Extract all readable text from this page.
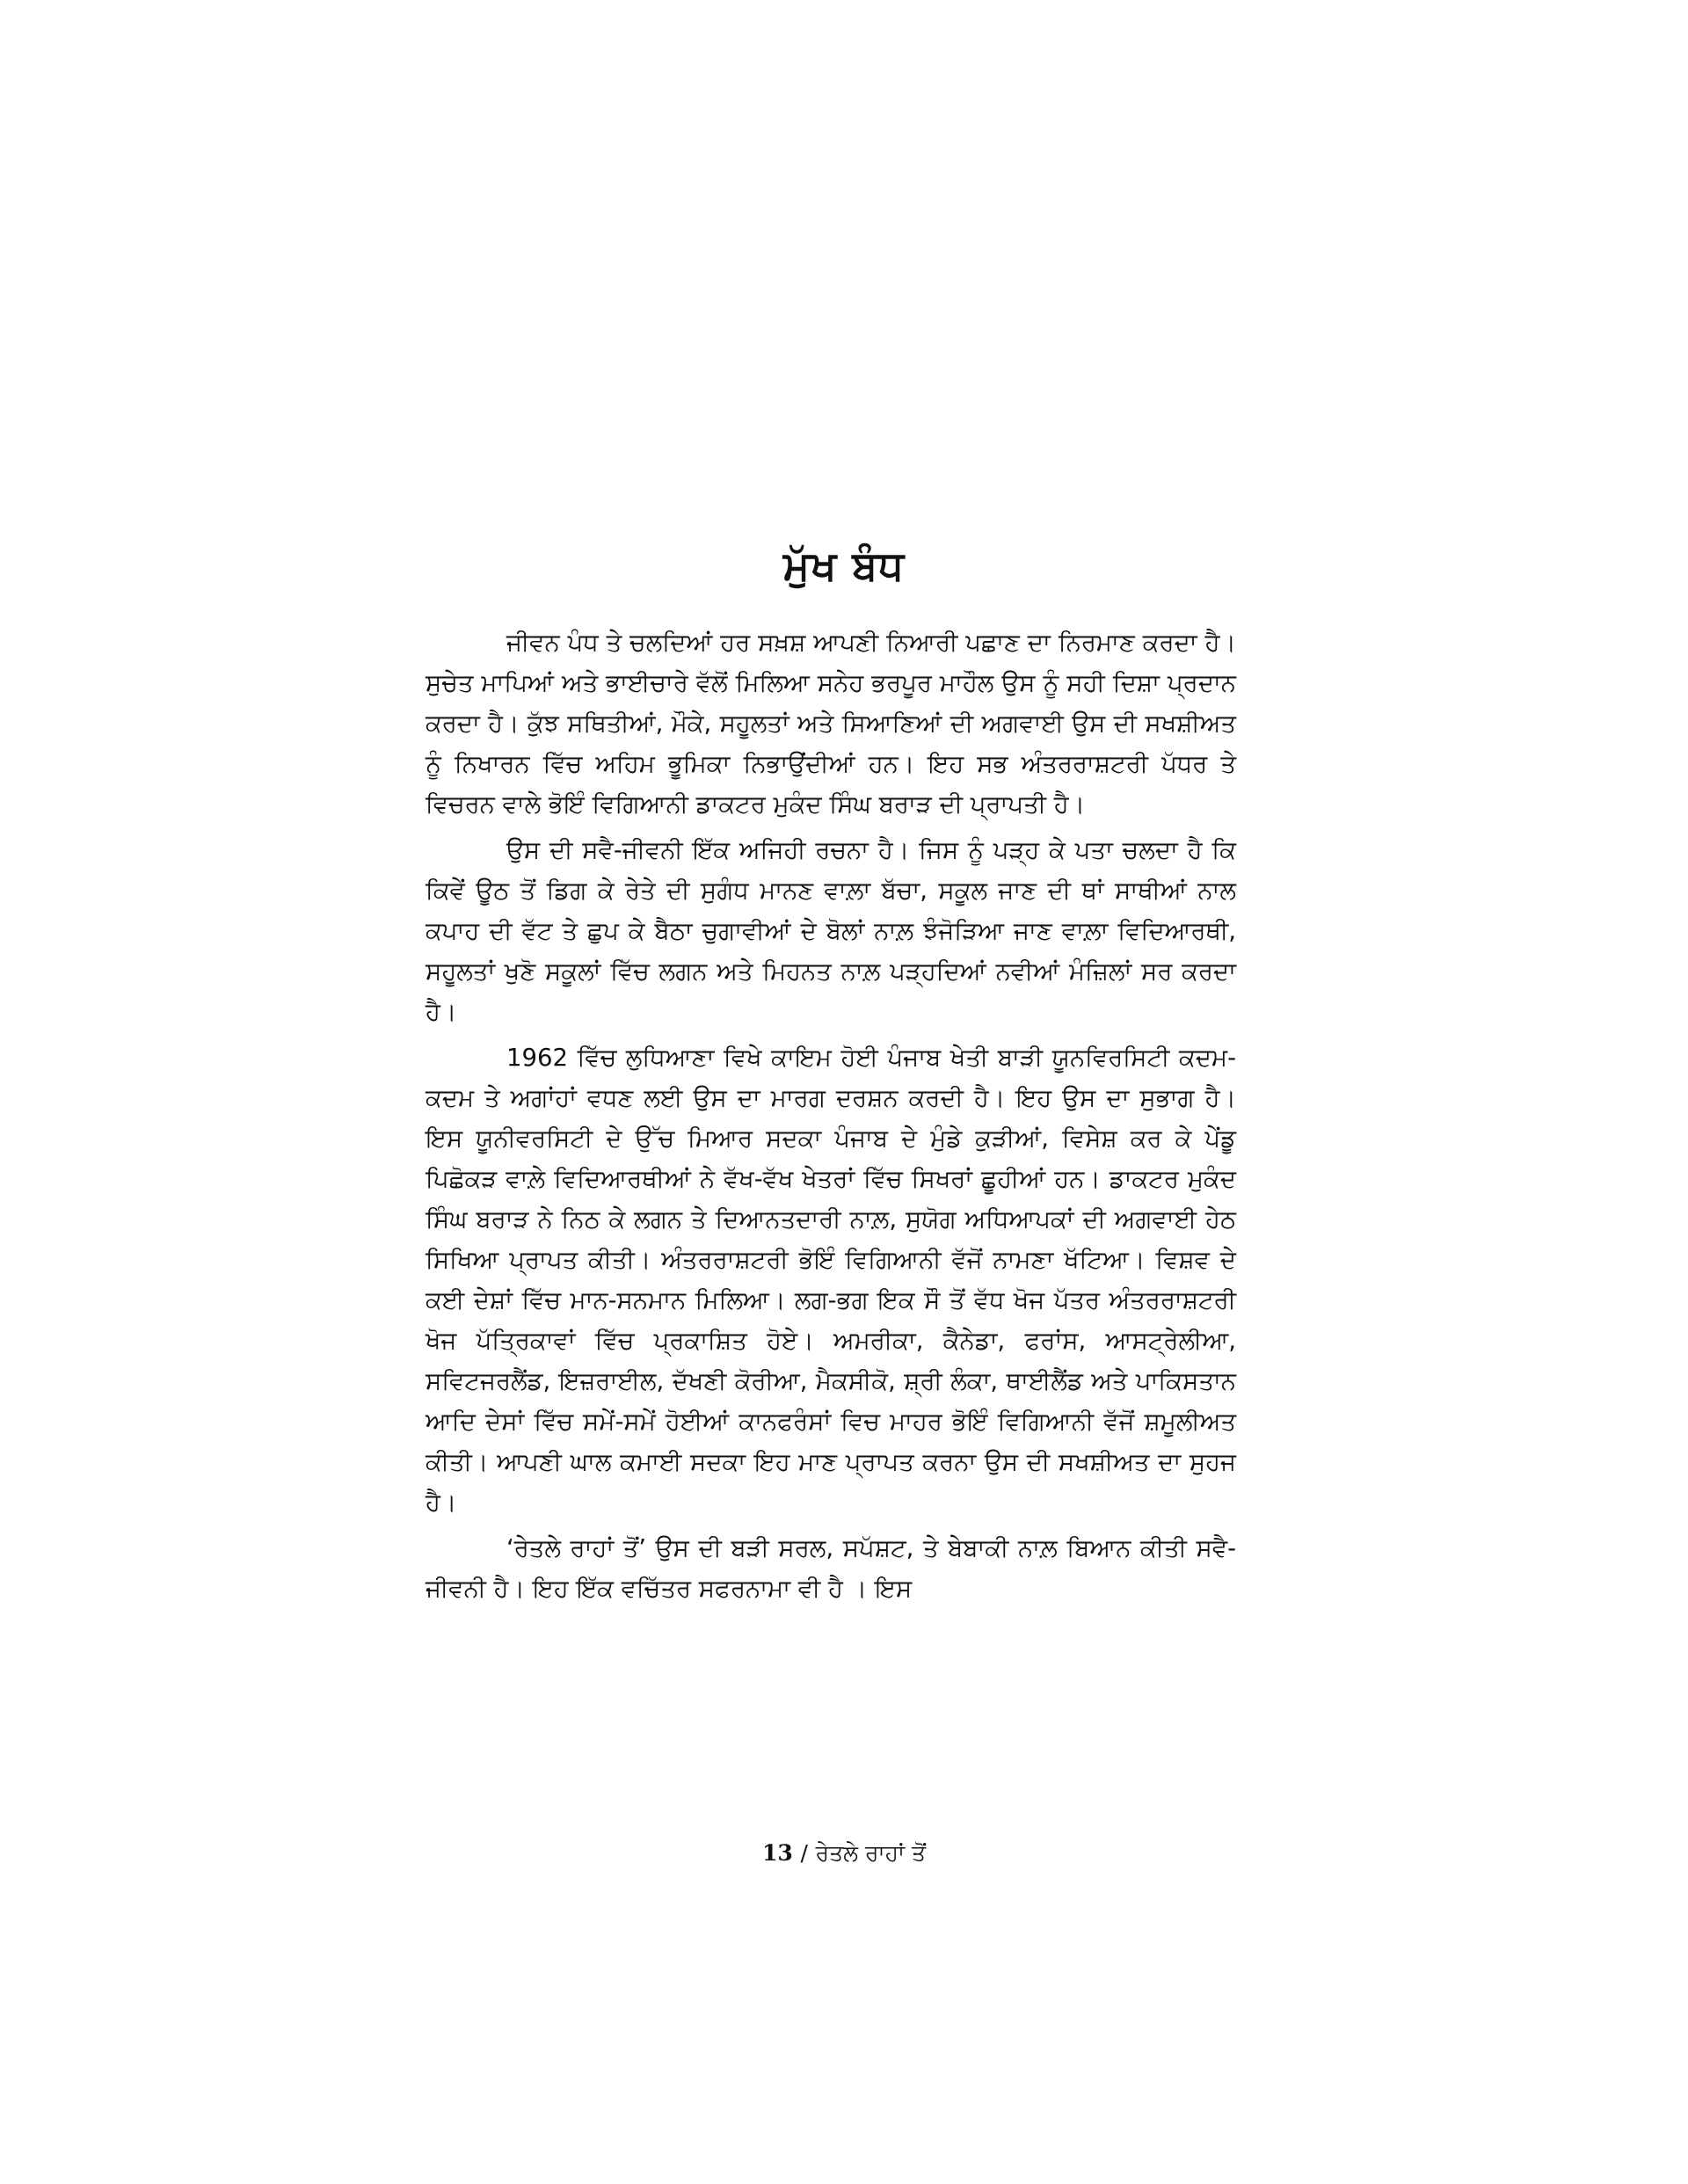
ਮੁੱਖ ਬੰਧ

ਜੀਵਨ ਪੰਧ ਤੇ ਚਲਦਿਆਂ ਹਰ ਸਖ਼ਸ਼ ਆਪਣੀ ਨਿਆਰੀ ਪਛਾਣ ਦਾ ਨਿਰਮਾਣ ਕਰਦਾ ਹੈ। ਸੁਚੇਤ ਮਾਪਿਆਂ ਅਤੇ ਭਾਈਚਾਰੇ ਵੱਲੋਂ ਮਿਲਿਆ ਸਨੇਹ ਭਰਪੂਰ ਮਾਹੌਲ ਉਸ ਨੂੰ ਸਹੀ ਦਿਸ਼ਾ ਪ੍ਰਦਾਨ ਕਰਦਾ ਹੈ। ਕੁੱਝ ਸਥਿਤੀਆਂ, ਮੌਕੇ, ਸਹੂਲਤਾਂ ਅਤੇ ਸਿਆਣਿਆਂ ਦੀ ਅਗਵਾਈ ਉਸ ਦੀ ਸਖਸ਼ੀਅਤ ਨੂੰ ਨਿਖਾਰਨ ਵਿੱਚ ਅਹਿਮ ਭੂਮਿਕਾ ਨਿਭਾਉਂਦੀਆਂ ਹਨ। ਇਹ ਸਭ ਅੰਤਰਰਾਸ਼ਟਰੀ ਪੱਧਰ ਤੇ ਵਿਚਰਨ ਵਾਲੇ ਭੋਇੰ ਵਿਗਿਆਨੀ ਡਾਕਟਰ ਮੁਕੰਦ ਸਿੰਘ ਬਰਾੜ ਦੀ ਪ੍ਰਾਪਤੀ ਹੈ।

ਉਸ ਦੀ ਸਵੈ-ਜੀਵਨੀ ਇੱਕ ਅਜਿਹੀ ਰਚਨਾ ਹੈ। ਜਿਸ ਨੂੰ ਪੜ੍ਹ ਕੇ ਪਤਾ ਚਲਦਾ ਹੈ ਕਿ ਕਿਵੇਂ ਊਠ ਤੋਂ ਡਿਗ ਕੇ ਰੇਤੇ ਦੀ ਸੁਗੰਧ ਮਾਨਣ ਵਾਲ਼ਾ ਬੱਚਾ, ਸਕੂਲ ਜਾਣ ਦੀ ਥਾਂ ਸਾਥੀਆਂ ਨਾਲ ਕਪਾਹ ਦੀ ਵੱਟ ਤੇ ਛੁਪ ਕੇ ਬੈਠਾ ਚੁਗਾਵੀਆਂ ਦੇ ਬੋਲਾਂ ਨਾਲ਼ ਝੰਜੋੜਿਆ ਜਾਣ ਵਾਲ਼ਾ ਵਿਦਿਆਰਥੀ, ਸਹੂਲਤਾਂ ਖੁਣੋ ਸਕੂਲਾਂ ਵਿੱਚ ਲਗਨ ਅਤੇ ਮਿਹਨਤ ਨਾਲ਼ ਪੜ੍ਹਦਿਆਂ ਨਵੀਆਂ ਮੰਜ਼ਿਲਾਂ ਸਰ ਕਰਦਾ ਹੈ।

1962 ਵਿੱਚ ਲੁਧਿਆਣਾ ਵਿਖੇ ਕਾਇਮ ਹੋਈ ਪੰਜਾਬ ਖੇਤੀ ਬਾੜੀ ਯੂਨਵਿਰਸਿਟੀ ਕਦਮ-ਕਦਮ ਤੇ ਅਗਾਂਹਾਂ ਵਧਣ ਲਈ ਉਸ ਦਾ ਮਾਰਗ ਦਰਸ਼ਨ ਕਰਦੀ ਹੈ। ਇਹ ਉਸ ਦਾ ਸੁਭਾਗ ਹੈ। ਇਸ ਯੂਨੀਵਰਸਿਟੀ ਦੇ ਉੱਚ ਮਿਆਰ ਸਦਕਾ ਪੰਜਾਬ ਦੇ ਮੁੰਡੇ ਕੁੜੀਆਂ, ਵਿਸੇਸ਼ ਕਰ ਕੇ ਪੇਂਡੂ ਪਿਛੋਕੜ ਵਾਲ਼ੇ ਵਿਦਿਆਰਥੀਆਂ ਨੇ ਵੱਖ-ਵੱਖ ਖੇਤਰਾਂ ਵਿੱਚ ਸਿਖਰਾਂ ਛੂਹੀਆਂ ਹਨ। ਡਾਕਟਰ ਮੁਕੰਦ ਸਿੰਘ ਬਰਾੜ ਨੇ ਨਿਠ ਕੇ ਲਗਨ ਤੇ ਦਿਆਨਤਦਾਰੀ ਨਾਲ਼, ਸੁਯੋਗ ਅਧਿਆਪਕਾਂ ਦੀ ਅਗਵਾਈ ਹੇਠ ਸਿਖਿਆ ਪ੍ਰਾਪਤ ਕੀਤੀ। ਅੰਤਰਰਾਸ਼ਟਰੀ ਭੋਇੰ ਵਿਗਿਆਨੀ ਵੱਜੋਂ ਨਾਮਣਾ ਖੱਟਿਆ। ਵਿਸ਼ਵ ਦੇ ਕਈ ਦੇਸ਼ਾਂ ਵਿੱਚ ਮਾਨ-ਸਨਮਾਨ ਮਿਲਿਆ। ਲਗ-ਭਗ ਇਕ ਸੌ ਤੋਂ ਵੱਧ ਖੋਜ ਪੱਤਰ ਅੰਤਰਰਾਸ਼ਟਰੀ ਖੋਜ ਪੱਤ੍ਰਿਕਾਵਾਂ ਵਿੱਚ ਪ੍ਰਕਾਸ਼ਿਤ ਹੋਏ। ਅਮਰੀਕਾ, ਕੈਨੇਡਾ, ਫਰਾਂਸ, ਆਸਟ੍ਰੇਲੀਆ, ਸਵਿਟਜਰਲੈਂਡ, ਇਜ਼ਰਾਈਲ, ਦੱਖਣੀ ਕੋਰੀਆ, ਮੈਕਸੀਕੋ, ਸ਼੍ਰੀ ਲੰਕਾ, ਥਾਈਲੈਂਡ ਅਤੇ ਪਾਕਿਸਤਾਨ ਆਦਿ ਦੇਸਾਂ ਵਿੱਚ ਸਮੇਂ-ਸਮੇਂ ਹੋਈਆਂ ਕਾਨਫਰੰਸਾਂ ਵਿਚ ਮਾਹਰ ਭੋਇੰ ਵਿਗਿਆਨੀ ਵੱਜੋਂ ਸ਼ਮੂਲੀਅਤ ਕੀਤੀ। ਆਪਣੀ ਘਾਲ ਕਮਾਈ ਸਦਕਾ ਇਹ ਮਾਣ ਪ੍ਰਾਪਤ ਕਰਨਾ ਉਸ ਦੀ ਸਖਸ਼ੀਅਤ ਦਾ ਸੁਹਜ ਹੈ।

‘ਰੇਤਲੇ ਰਾਹਾਂ ਤੋਂ’ ਉਸ ਦੀ ਬੜੀ ਸਰਲ, ਸਪੱਸ਼ਟ, ਤੇ ਬੇਬਾਕੀ ਨਾਲ਼ ਬਿਆਨ ਕੀਤੀ ਸਵੈ-ਜੀਵਨੀ ਹੈ। ਇਹ ਇੱਕ ਵਚਿੱਤਰ ਸਫਰਨਾਮਾ ਵੀ ਹੈ । ਇਸ

13 / ਰੇਤਲੇ ਰਾਹਾਂ ਤੋਂ
